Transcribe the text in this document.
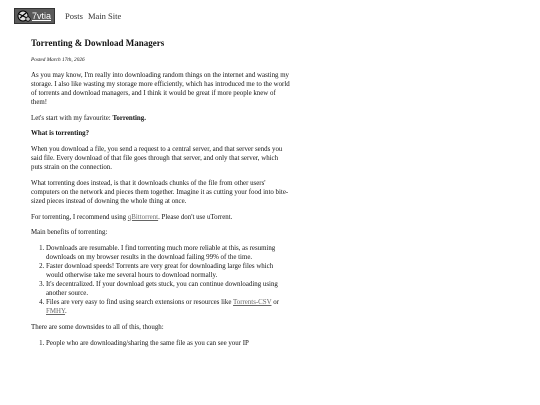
7vtia Posts Main Site
Torrenting & Download Managers
Posted March 17th, 2026

As you may know, I'm really into downloading random things on the internet and wasting my storage. I also like wasting my storage more efficiently, which has introduced me to the world of torrents and download managers, and I think it would be great if more people knew of them!

Let's start with my favourite: Torrenting.

What is torrenting?

When you download a file, you send a request to a central server, and that server sends you said file. Every download of that file goes through that server, and only that server, which puts strain on the connection.

What torrenting does instead, is that it downloads chunks of the file from other users' computers on the network and pieces them together. Imagine it as cutting your food into bite-sized pieces instead of downing the whole thing at once.

For torrenting, I recommend using qBittorrent. Please don't use uTorrent.

Main benefits of torrenting:

1. Downloads are resumable. I find torrenting much more reliable at this, as resuming downloads on my browser results in the download failing 99% of the time.
2. Faster download speeds! Torrents are very great for downloading large files which would otherwise take me several hours to download normally.
3. It's decentralized. If your download gets stuck, you can continue downloading using another source.
4. Files are very easy to find using search extensions or resources like Torrents-CSV or FMHY.

There are some downsides to all of this, though:

1. People who are downloading/sharing the same file as you can see your IP
